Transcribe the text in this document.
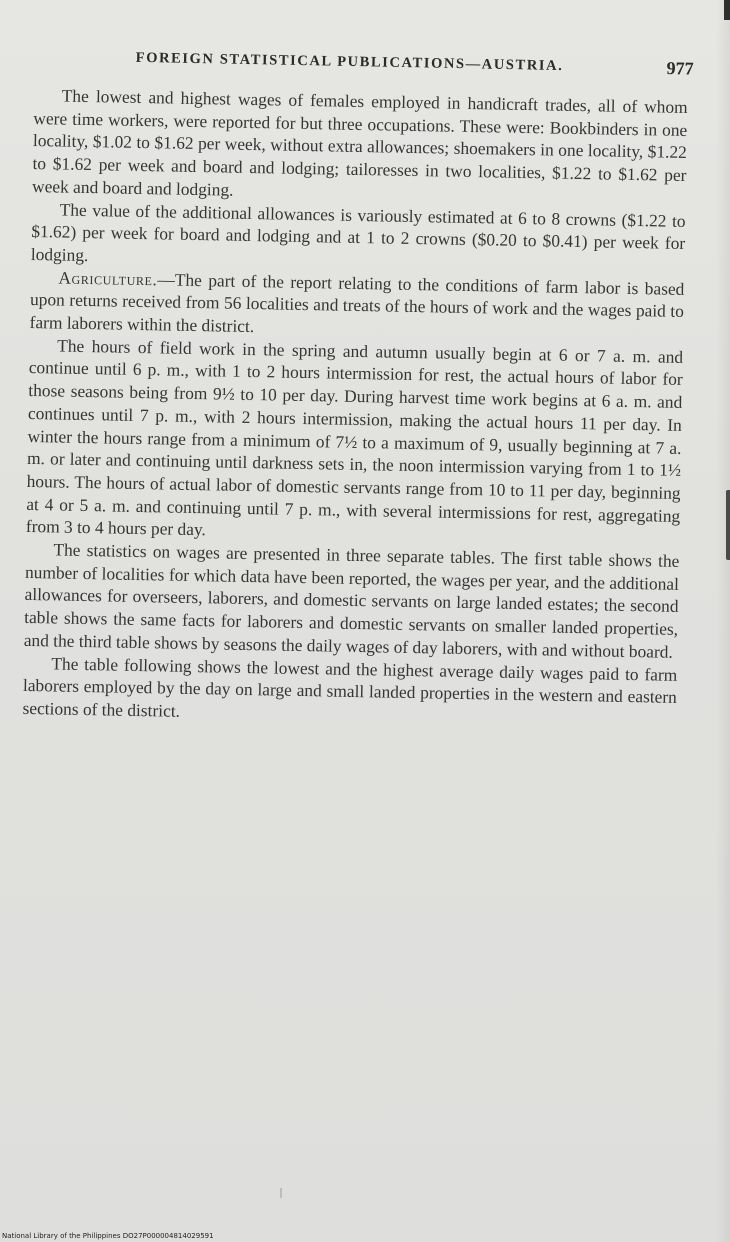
FOREIGN STATISTICAL PUBLICATIONS—AUSTRIA.	977

The lowest and highest wages of females employed in handicraft trades, all of whom were time workers, were reported for but three occupations. These were: Bookbinders in one locality, $1.02 to $1.62 per week, without extra allowances; shoemakers in one locality, $1.22 to $1.62 per week and board and lodging; tailoresses in two localities, $1.22 to $1.62 per week and board and lodging.

The value of the additional allowances is variously estimated at 6 to 8 crowns ($1.22 to $1.62) per week for board and lodging and at 1 to 2 crowns ($0.20 to $0.41) per week for lodging.

Agriculture.—The part of the report relating to the conditions of farm labor is based upon returns received from 56 localities and treats of the hours of work and the wages paid to farm laborers within the district.

The hours of field work in the spring and autumn usually begin at 6 or 7 a. m. and continue until 6 p. m., with 1 to 2 hours intermission for rest, the actual hours of labor for those seasons being from 9½ to 10 per day. During harvest time work begins at 6 a. m. and continues until 7 p. m., with 2 hours intermission, making the actual hours 11 per day. In winter the hours range from a minimum of 7½ to a maximum of 9, usually beginning at 7 a. m. or later and continuing until darkness sets in, the noon intermission varying from 1 to 1½ hours. The hours of actual labor of domestic servants range from 10 to 11 per day, beginning at 4 or 5 a. m. and continuing until 7 p. m., with several intermissions for rest, aggregating from 3 to 4 hours per day.

The statistics on wages are presented in three separate tables. The first table shows the number of localities for which data have been reported, the wages per year, and the additional allowances for overseers, laborers, and domestic servants on large landed estates; the second table shows the same facts for laborers and domestic servants on smaller landed properties, and the third table shows by seasons the daily wages of day laborers, with and without board.

The table following shows the lowest and the highest average daily wages paid to farm laborers employed by the day on large and small landed properties in the western and eastern sections of the district.

National Library of the Philippines DO27P000004814029591
